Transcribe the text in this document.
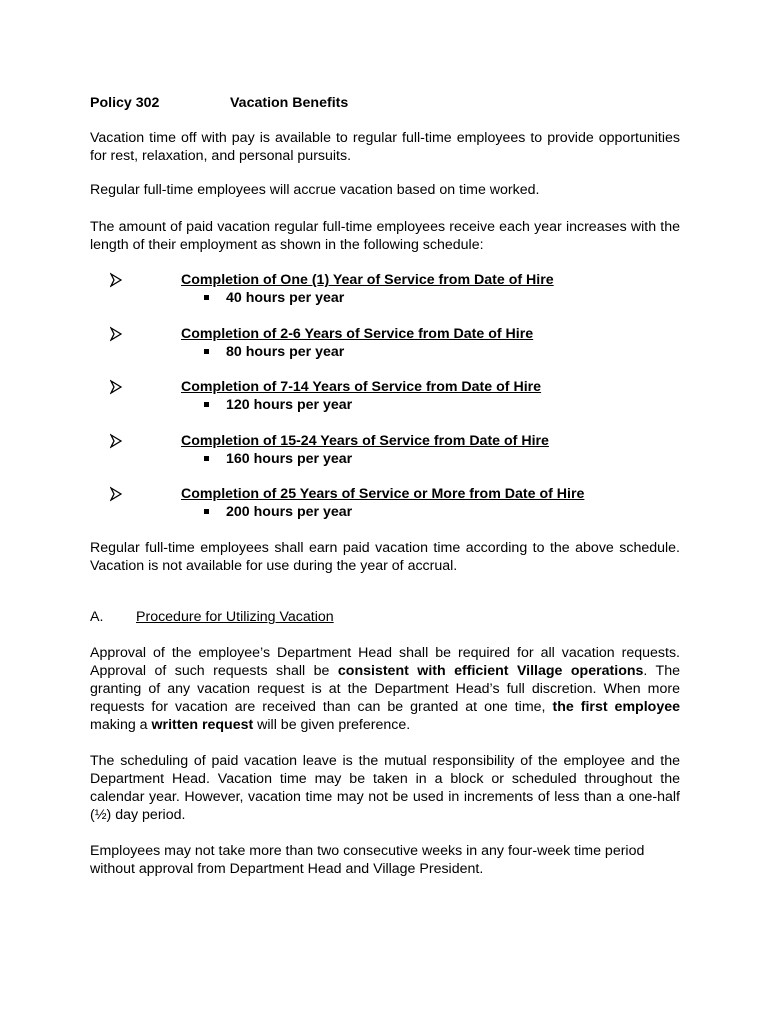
Policy 302	Vacation Benefits

Vacation time off with pay is available to regular full-time employees to provide opportunities for rest, relaxation, and personal pursuits.

Regular full-time employees will accrue vacation based on time worked.

The amount of paid vacation regular full-time employees receive each year increases with the length of their employment as shown in the following schedule:

Completion of One (1) Year of Service from Date of Hire
40 hours per year
Completion of 2-6 Years of Service from Date of Hire
80 hours per year
Completion of 7-14 Years of Service from Date of Hire
120 hours per year
Completion of 15-24 Years of Service from Date of Hire
160 hours per year
Completion of 25 Years of Service or More from Date of Hire
200 hours per year

Regular full-time employees shall earn paid vacation time according to the above schedule. Vacation is not available for use during the year of accrual.

A. Procedure for Utilizing Vacation

Approval of the employee’s Department Head shall be required for all vacation requests. Approval of such requests shall be consistent with efficient Village operations. The granting of any vacation request is at the Department Head’s full discretion. When more requests for vacation are received than can be granted at one time, the first employee making a written request will be given preference.

The scheduling of paid vacation leave is the mutual responsibility of the employee and the Department Head. Vacation time may be taken in a block or scheduled throughout the calendar year. However, vacation time may not be used in increments of less than a one-half (½) day period.

Employees may not take more than two consecutive weeks in any four-week time period without approval from Department Head and Village President.
